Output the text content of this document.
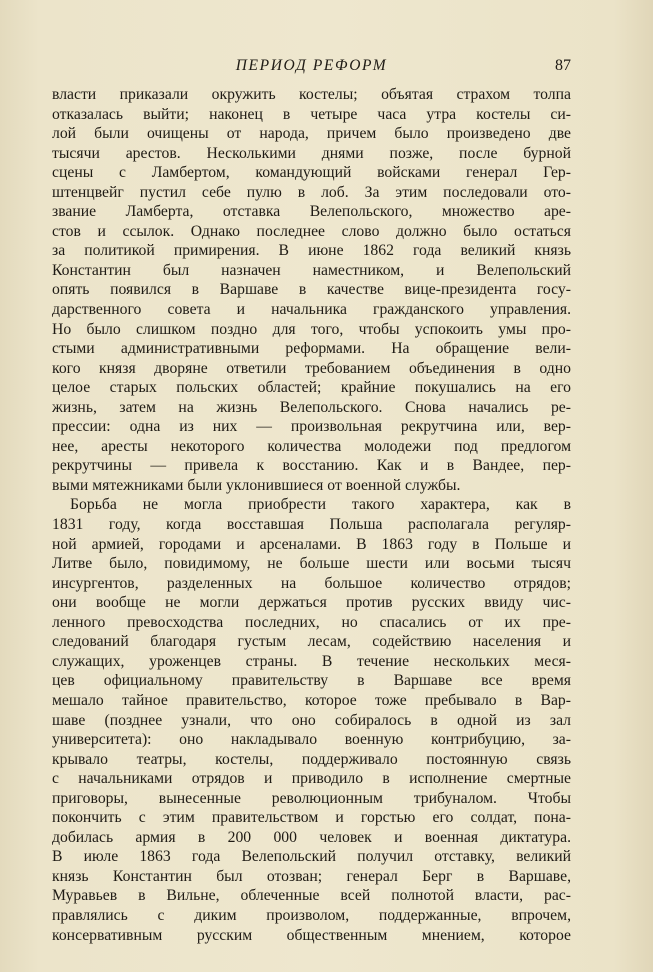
ПЕРИОД РЕФОРМ	87
власти приказали окружить костелы; объятая страхом толпа
отказалась выйти; наконец в четыре часа утра костелы си-
лой были очищены от народа, причем было произведено две
тысячи арестов. Несколькими днями позже, после бурной
сцены с Ламбертом, командующий войсками генерал Гер-
штенцвейг пустил себе пулю в лоб. За этим последовали ото-
звание Ламберта, отставка Велепольского, множество аре-
стов и ссылок. Однако последнее слово должно было остаться
за политикой примирения. В июне 1862 года великий князь
Константин был назначен наместником, и Велепольский
опять появился в Варшаве в качестве вице-президента госу-
дарственного совета и начальника гражданского управления.
Но было слишком поздно для того, чтобы успокоить умы про-
стыми административными реформами. На обращение вели-
кого князя дворяне ответили требованием объединения в одно
целое старых польских областей; крайние покушались на его
жизнь, затем на жизнь Велепольского. Снова начались ре-
прессии: одна из них — произвольная рекрутчина или, вер-
нее, аресты некоторого количества молодежи под предлогом
рекрутчины — привела к восстанию. Как и в Вандее, пер-
выми мятежниками были уклонившиеся от военной службы.
Борьба не могла приобрести такого характера, как в
1831 году, когда восставшая Польша располагала регуляр-
ной армией, городами и арсеналами. В 1863 году в Польше и
Литве было, повидимому, не больше шести или восьми тысяч
инсургентов, разделенных на большое количество отрядов;
они вообще не могли держаться против русских ввиду чис-
ленного превосходства последних, но спасались от их пре-
следований благодаря густым лесам, содействию населения и
служащих, уроженцев страны. В течение нескольких меся-
цев официальному правительству в Варшаве все время
мешало тайное правительство, которое тоже пребывало в Вар-
шаве (позднее узнали, что оно собиралось в одной из зал
университета): оно накладывало военную контрибуцию, за-
крывало театры, костелы, поддерживало постоянную связь
с начальниками отрядов и приводило в исполнение смертные
приговоры, вынесенные революционным трибуналом. Чтобы
покончить с этим правительством и горстью его солдат, пона-
добилась армия в 200 000 человек и военная диктатура.
В июле 1863 года Велепольский получил отставку, великий
князь Константин был отозван; генерал Берг в Варшаве,
Муравьев в Вильне, облеченные всей полнотой власти, рас-
правлялись с диким произволом, поддержанные, впрочем,
консервативным русским общественным мнением, которое
